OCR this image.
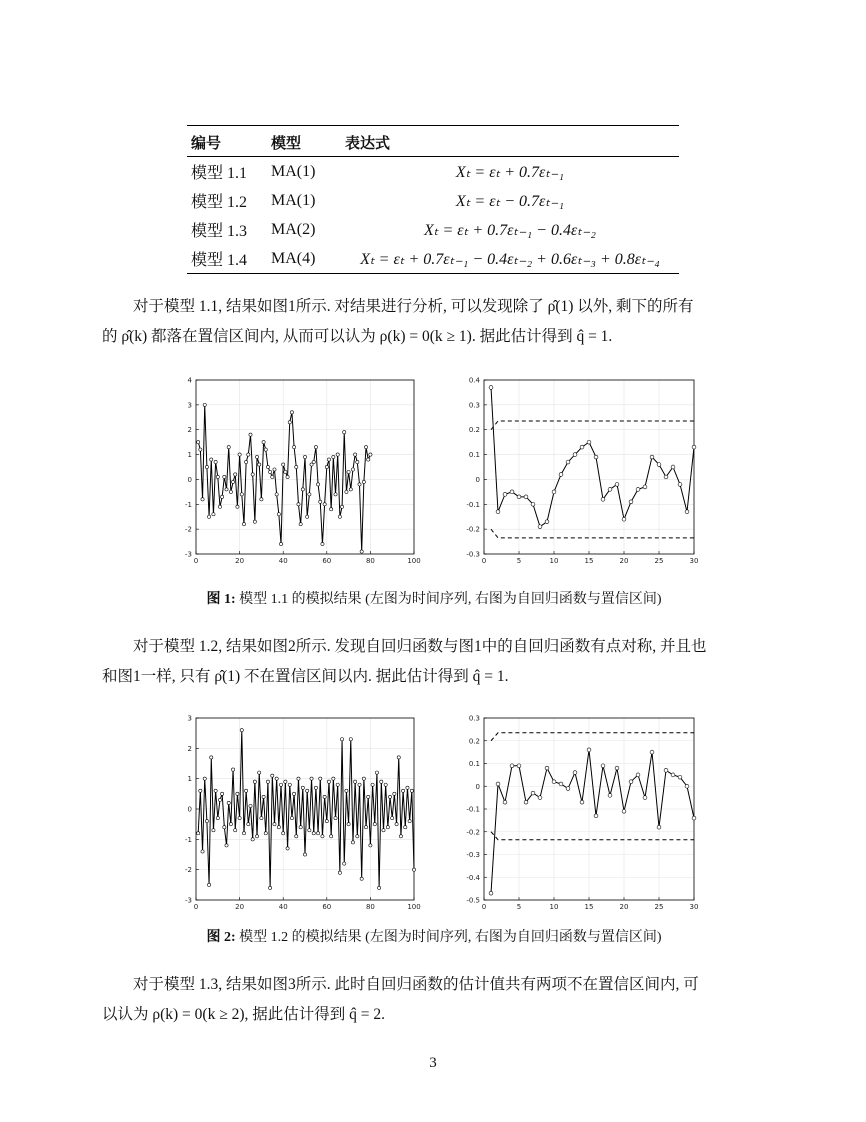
编号	模型	表达式
模型 1.1	MA(1)	Xₜ = εₜ + 0.7εₜ₋₁
模型 1.2	MA(1)	Xₜ = εₜ − 0.7εₜ₋₁
模型 1.3	MA(2)	Xₜ = εₜ + 0.7εₜ₋₁ − 0.4εₜ₋₂
模型 1.4	MA(4)	Xₜ = εₜ + 0.7εₜ₋₁ − 0.4εₜ₋₂ + 0.6εₜ₋₃ + 0.8εₜ₋₄
对于模型 1.1, 结果如图1所示. 对结果进行分析, 可以发现除了 ρ̂(1) 以外, 剩下的所有
的 ρ̂(k) 都落在置信区间内, 从而可以认为 ρ(k) = 0(k ≥ 1). 据此估计得到 q̂ = 1.
0	20	40	60	80	100
-3
-2
-1
0
1
2
3
4
0	5	10	15	20	25	30
-0.3
-0.2
-0.1
0
0.1
0.2
0.3
0.4
图 1: 模型 1.1 的模拟结果 (左图为时间序列, 右图为自回归函数与置信区间)
对于模型 1.2, 结果如图2所示. 发现自回归函数与图1中的自回归函数有点对称, 并且也
和图1一样, 只有 ρ̂(1) 不在置信区间以内. 据此估计得到 q̂ = 1.
0	20	40	60	80	100
-3
-2
-1
0
1
2
3
0	5	10	15	20	25	30
-0.5
-0.4
-0.3
-0.2
-0.1
0
0.1
0.2
0.3
图 2: 模型 1.2 的模拟结果 (左图为时间序列, 右图为自回归函数与置信区间)
对于模型 1.3, 结果如图3所示. 此时自回归函数的估计值共有两项不在置信区间内, 可
以认为 ρ(k) = 0(k ≥ 2), 据此估计得到 q̂ = 2.
3
